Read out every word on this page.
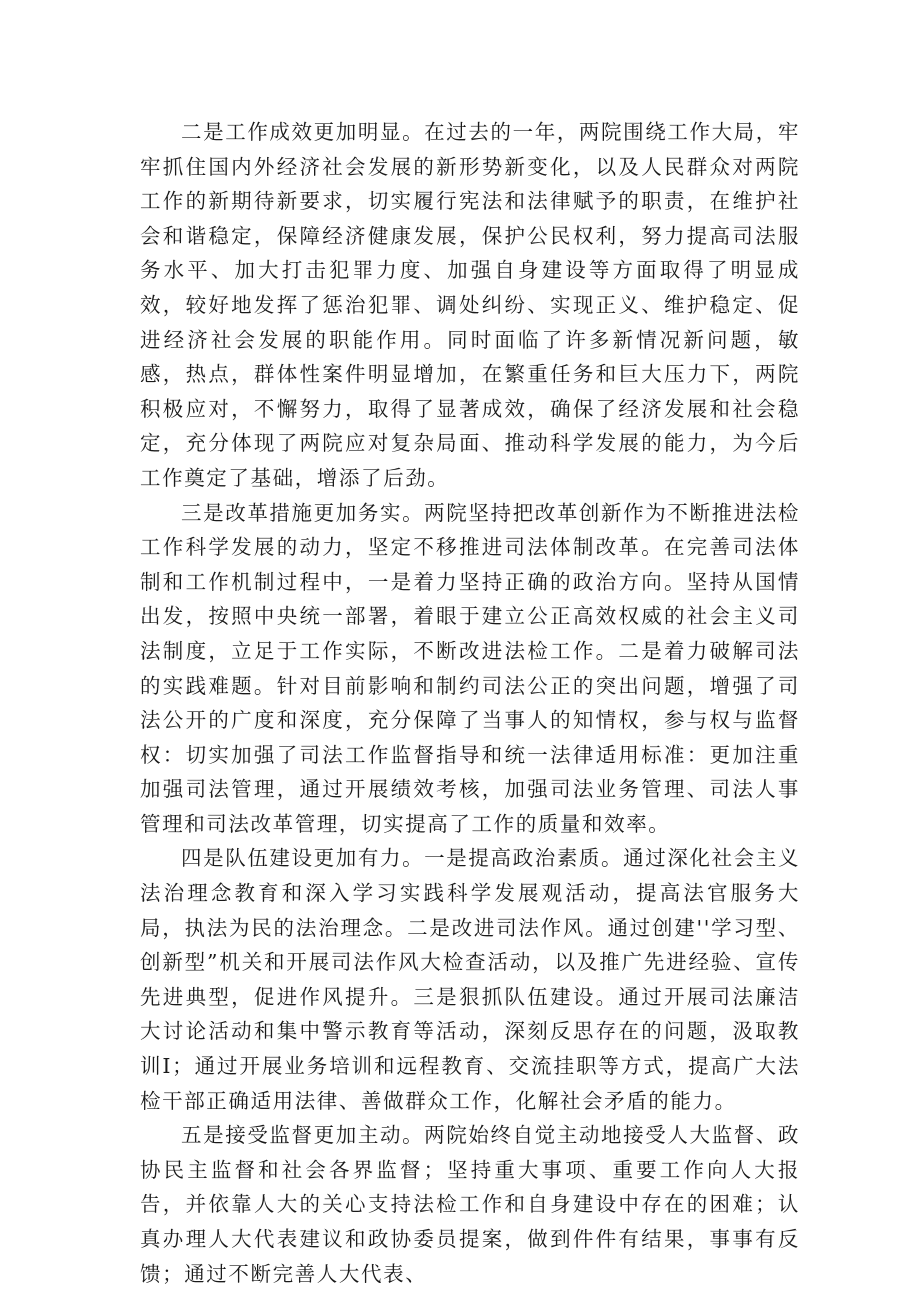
二是工作成效更加明显。在过去的一年，两院围绕工作大局，牢牢抓住国内外经济社会发展的新形势新变化，以及人民群众对两院工作的新期待新要求，切实履行宪法和法律赋予的职责，在维护社会和谐稳定，保障经济健康发展，保护公民权利，努力提高司法服务水平、加大打击犯罪力度、加强自身建设等方面取得了明显成效，较好地发挥了惩治犯罪、调处纠纷、实现正义、维护稳定、促进经济社会发展的职能作用。同时面临了许多新情况新问题，敏感，热点，群体性案件明显增加，在繁重任务和巨大压力下，两院积极应对，不懈努力，取得了显著成效，确保了经济发展和社会稳定，充分体现了两院应对复杂局面、推动科学发展的能力，为今后工作奠定了基础，增添了后劲。

三是改革措施更加务实。两院坚持把改革创新作为不断推进法检工作科学发展的动力，坚定不移推进司法体制改革。在完善司法体制和工作机制过程中，一是着力坚持正确的政治方向。坚持从国情出发，按照中央统一部署，着眼于建立公正高效权威的社会主义司法制度，立足于工作实际，不断改进法检工作。二是着力破解司法的实践难题。针对目前影响和制约司法公正的突出问题，增强了司法公开的广度和深度，充分保障了当事人的知情权，参与权与监督权：切实加强了司法工作监督指导和统一法律适用标准：更加注重加强司法管理，通过开展绩效考核，加强司法业务管理、司法人事管理和司法改革管理，切实提高了工作的质量和效率。

四是队伍建设更加有力。一是提高政治素质。通过深化社会主义法治理念教育和深入学习实践科学发展观活动，提高法官服务大局，执法为民的法治理念。二是改进司法作风。通过创建''学习型、创新型”机关和开展司法作风大检查活动，以及推广先进经验、宣传先进典型，促进作风提升。三是狠抓队伍建设。通过开展司法廉洁大讨论活动和集中警示教育等活动，深刻反思存在的问题，汲取教训I；通过开展业务培训和远程教育、交流挂职等方式，提高广大法检干部正确适用法律、善做群众工作，化解社会矛盾的能力。

五是接受监督更加主动。两院始终自觉主动地接受人大监督、政协民主监督和社会各界监督；坚持重大事项、重要工作向人大报告，并依靠人大的关心支持法检工作和自身建设中存在的困难；认真办理人大代表建议和政协委员提案，做到件件有结果，事事有反馈；通过不断完善人大代表、
